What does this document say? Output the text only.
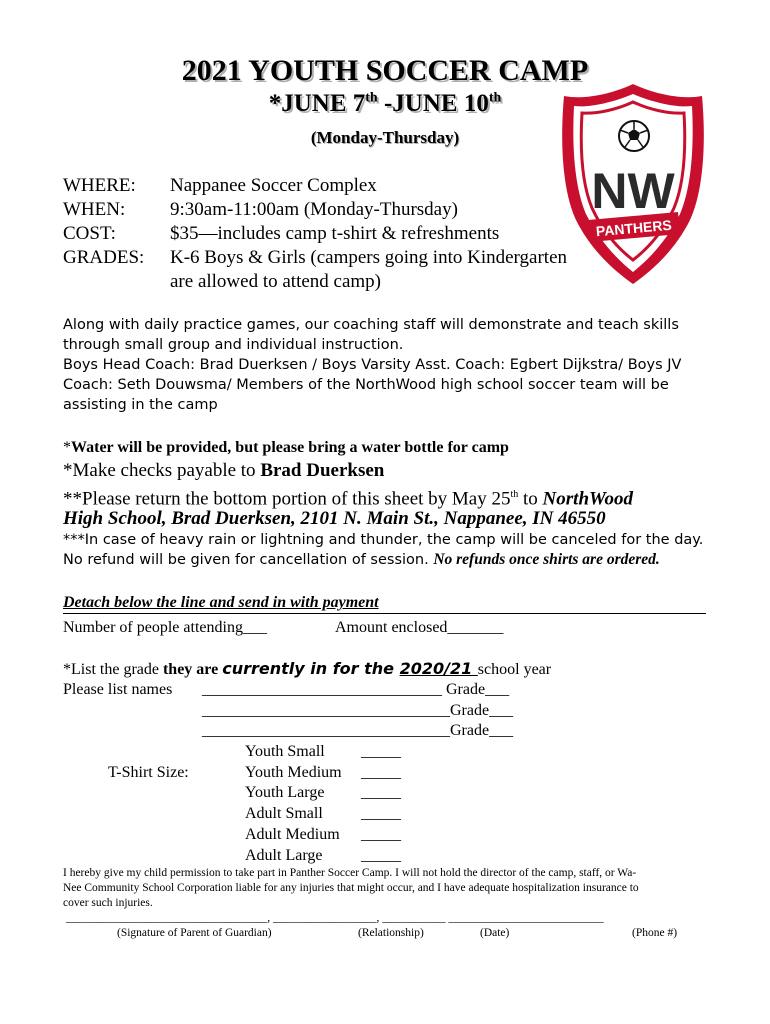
2021 YOUTH SOCCER CAMP
*JUNE 7th -JUNE 10th
(Monday-Thursday)
NW
PANTHERS
WHERE: Nappanee Soccer Complex
WHEN: 9:30am-11:00am (Monday-Thursday)
COST:	$35—includes camp t-shirt & refreshments
GRADES: K-6 Boys & Girls (campers going into Kindergarten
are allowed to attend camp)
Along with daily practice games, our coaching staff will demonstrate and teach skills
through small group and individual instruction.
Boys Head Coach: Brad Duerksen / Boys Varsity Asst. Coach: Egbert Dijkstra/ Boys JV
Coach: Seth Douwsma/ Members of the NorthWood high school soccer team will be
assisting in the camp
*Water will be provided, but please bring a water bottle for camp
*Make checks payable to Brad Duerksen
**Please return the bottom portion of this sheet by May 25th to NorthWood
High School, Brad Duerksen, 2101 N. Main St., Nappanee, IN 46550
***In case of heavy rain or lightning and thunder, the camp will be canceled for the day.
No refund will be given for cancellation of session. No refunds once shirts are ordered.
Detach below the line and send in with payment
Number of people attending___	Amount enclosed_______
*List the grade they are currently in for the 2020/21 school year
Please list names ______________________________ Grade___
_______________________________Grade___
_______________________________Grade___
T-Shirt Size:
Youth Small _____
Youth Medium _____
Youth Large _____
Adult Small _____
Adult Medium _____
Adult Large _____
I hereby give my child permission to take part in Panther Soccer Camp. I will not hold the director of the camp, staff, or Wa-
Nee Community School Corporation liable for any injuries that might occur, and I have adequate hospitalization insurance to
cover such injuries.
___________________________________, __________________, ___________ ___________________________
(Signature of Parent of Guardian)	(Relationship)	(Date)	(Phone #)
